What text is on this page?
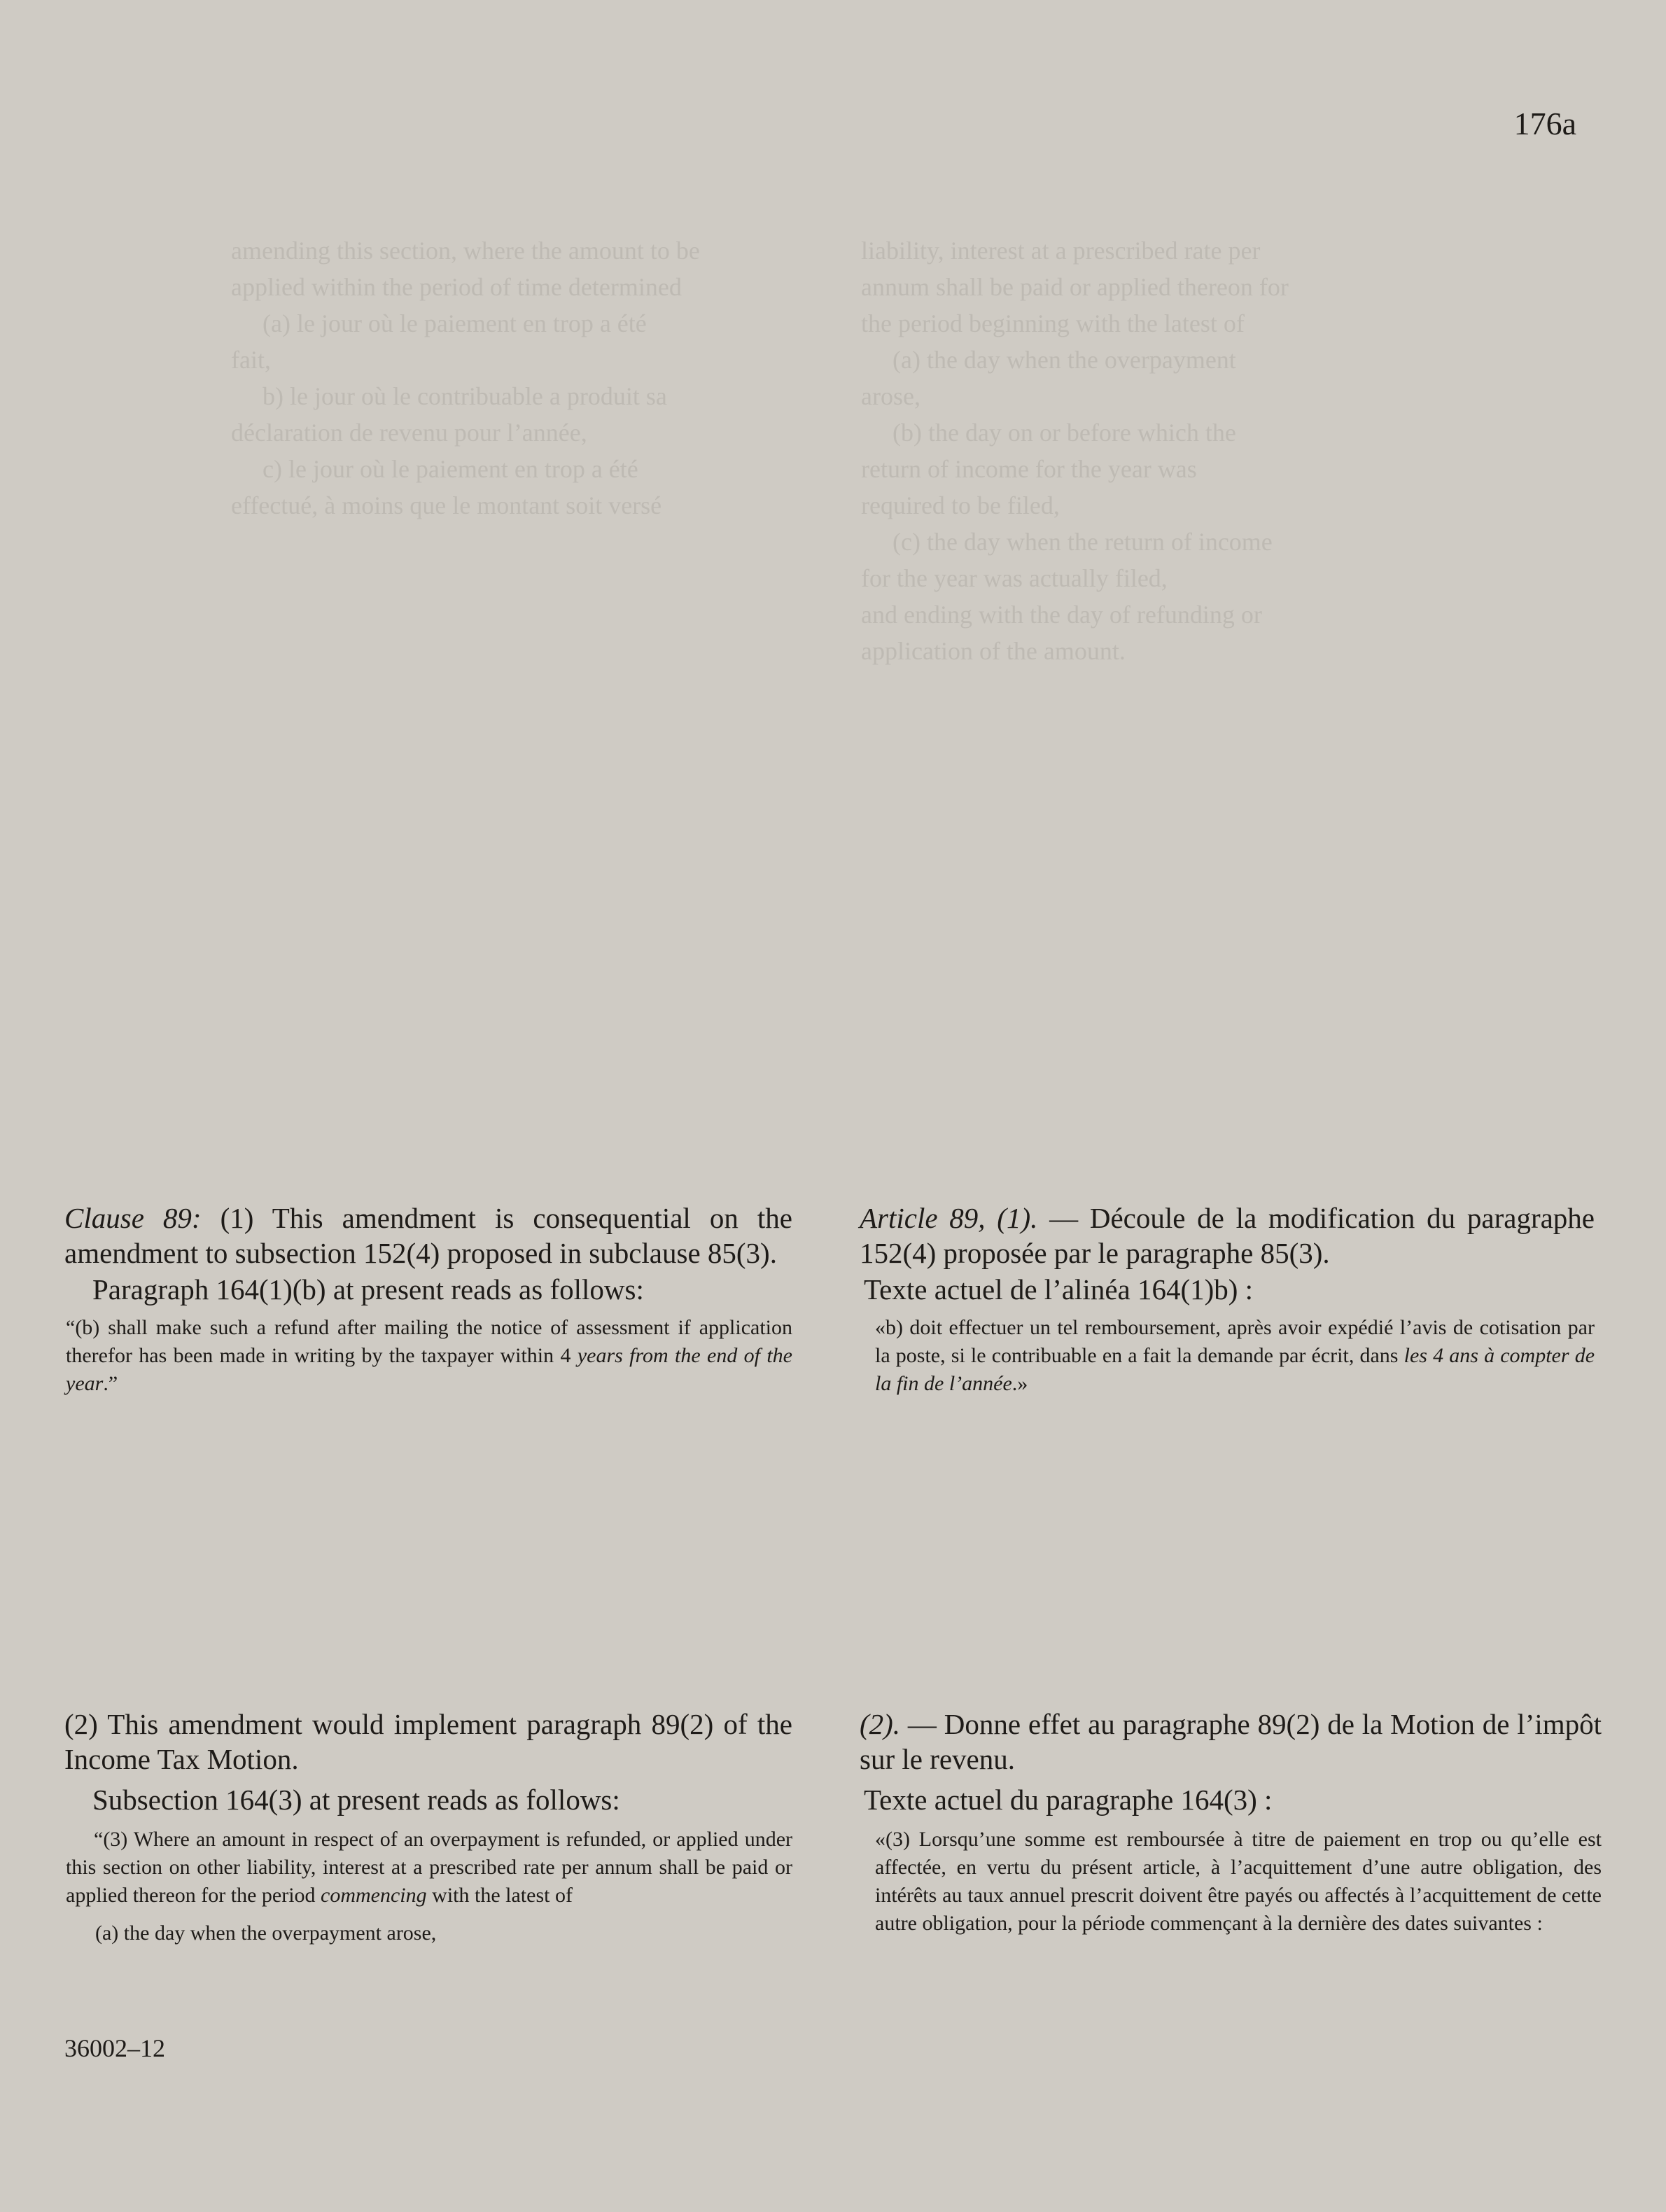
amending this section, where the amount to be
applied within the period of time determined
(a) le jour où le paiement en trop a été
fait,
b) le jour où le contribuable a produit sa
déclaration de revenu pour l’année,
c) le jour où le paiement en trop a été
effectué, à moins que le montant soit versé

liability, interest at a prescribed rate per
annum shall be paid or applied thereon for
the period beginning with the latest of
(a) the day when the overpayment
arose,
(b) the day on or before which the
return of income for the year was
required to be filed,
(c) the day when the return of income
for the year was actually filed,
and ending with the day of refunding or
application of the amount.

176a

Clause 89: (1) This amendment is consequential on the amendment to subsection 152(4) proposed in subclause 85(3).

Paragraph 164(1)(b) at present reads as follows:

“(b) shall make such a refund after mailing the notice of assessment if application therefor has been made in writing by the taxpayer within 4 years from the end of the year.”

Article 89, (1). — Découle de la modification du paragraphe 152(4) proposée par le paragraphe 85(3).

Texte actuel de l’alinéa 164(1)b) :

«b) doit effectuer un tel remboursement, après avoir expédié l’avis de cotisation par la poste, si le contribuable en a fait la demande par écrit, dans les 4 ans à compter de la fin de l’année.»

(2) This amendment would implement paragraph 89(2) of the Income Tax Motion.

Subsection 164(3) at present reads as follows:

“(3) Where an amount in respect of an overpayment is refunded, or applied under this section on other liability, interest at a prescribed rate per annum shall be paid or applied thereon for the period commencing with the latest of

(a) the day when the overpayment arose,

(2). — Donne effet au paragraphe 89(2) de la Motion de l’impôt sur le revenu.

Texte actuel du paragraphe 164(3) :

«(3) Lorsqu’une somme est remboursée à titre de paiement en trop ou qu’elle est affectée, en vertu du présent article, à l’acquittement d’une autre obligation, des intérêts au taux annuel prescrit doivent être payés ou affectés à l’acquittement de cette autre obligation, pour la période commençant à la dernière des dates suivantes :

36002–12
